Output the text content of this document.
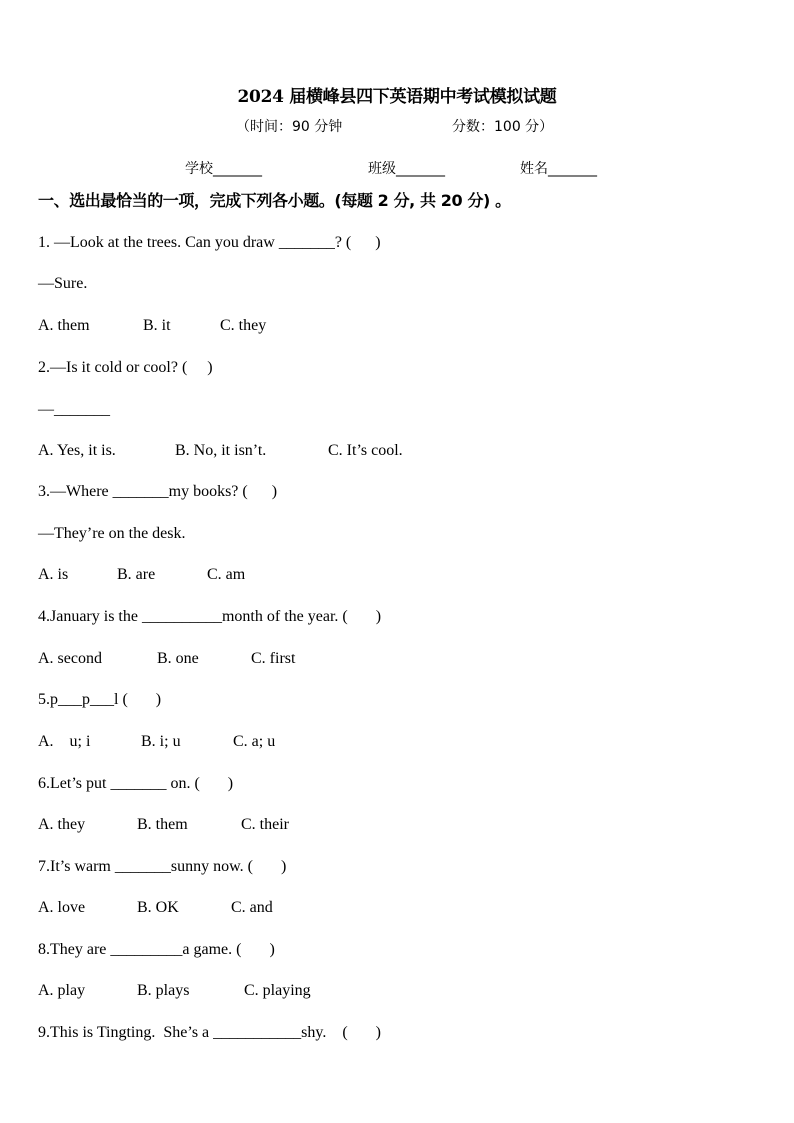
2024 届横峰县四下英语期中考试模拟试题
（时间：90 分钟	分数：100 分）
学校_______	班级_______	姓名_______
一、选出最恰当的一项，完成下列各小题。(每题 2 分, 共 20 分) 。
1. —Look at the trees. Can you draw _______? (      )
—Sure.
A. them	B. it	C. they
2.—Is it cold or cool? (     )
—_______
A. Yes, it is.	B. No, it isn’t.	C. It’s cool.
3.—Where _______my books? (      )
—They’re on the desk.
A. is	B. are	C. am
4.January is the __________month of the year. (       )
A. second	B. one	C. first
5.p___p___l (       )
A.    u; i	B. i; u	C. a; u
6.Let’s put _______ on. (       )
A. they	B. them	C. their
7.It’s warm _______sunny now. (       )
A. love	B. OK	C. and
8.They are _________a game. (       )
A. play	B. plays	C. playing
9.This is Tingting.  She’s a ___________shy.    (       )
